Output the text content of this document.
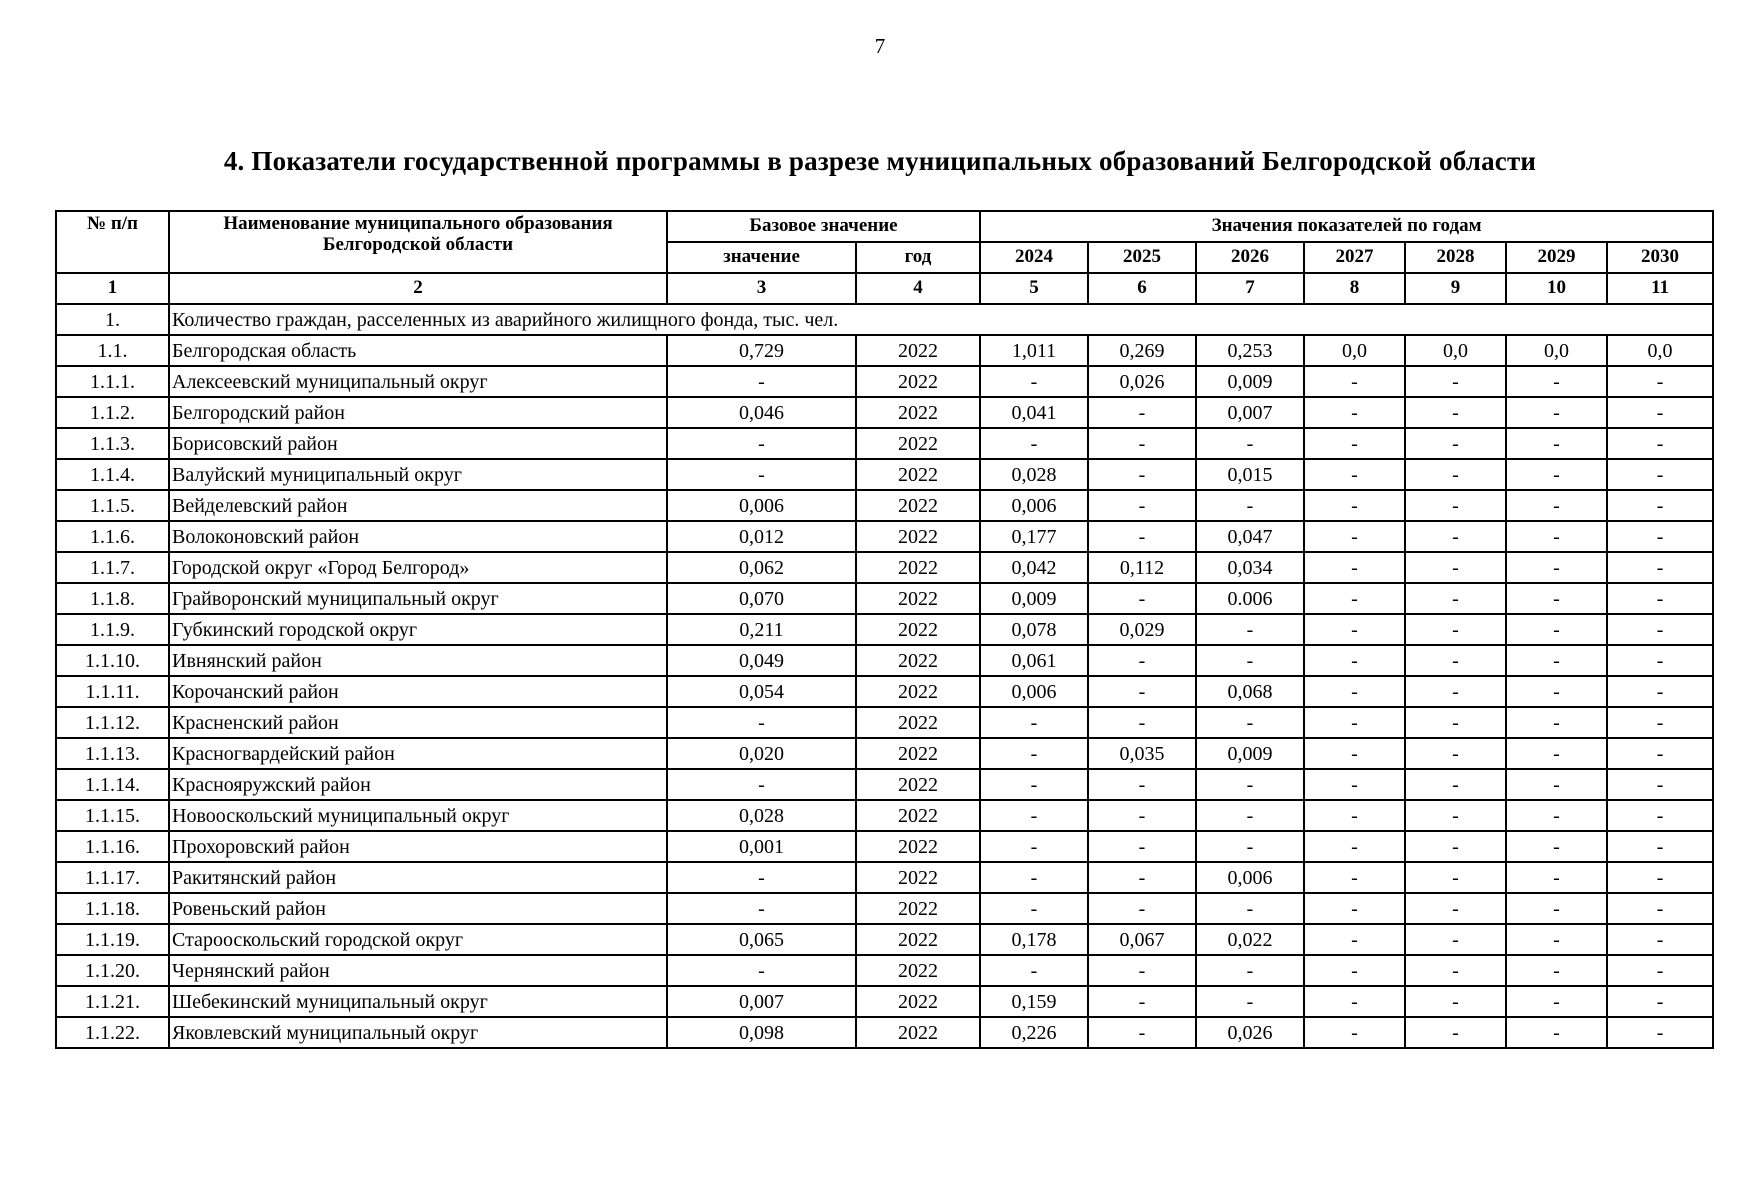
7
4. Показатели государственной программы в разрезе муниципальных образований Белгородской области
№ п/п	Наименование муниципального образования Белгородской области	Базовое значение		Значения показателей по годам						
		значение	год	2024	2025	2026	2027	2028	2029	2030
1	2	3	4	5	6	7	8	9	10	11
1.	Количество граждан, расселенных из аварийного жилищного фонда, тыс. чел.									
1.1.	Белгородская область	0,729	2022	1,011	0,269	0,253	0,0	0,0	0,0	0,0
1.1.1.	Алексеевский муниципальный округ	-	2022	-	0,026	0,009	-	-	-	-
1.1.2.	Белгородский район	0,046	2022	0,041	-	0,007	-	-	-	-
1.1.3.	Борисовский район	-	2022	-	-	-	-	-	-	-
1.1.4.	Валуйский муниципальный округ	-	2022	0,028	-	0,015	-	-	-	-
1.1.5.	Вейделевский район	0,006	2022	0,006	-	-	-	-	-	-
1.1.6.	Волоконовский район	0,012	2022	0,177	-	0,047	-	-	-	-
1.1.7.	Городской округ «Город Белгород»	0,062	2022	0,042	0,112	0,034	-	-	-	-
1.1.8.	Грайворонский муниципальный округ	0,070	2022	0,009	-	0.006	-	-	-	-
1.1.9.	Губкинский городской округ	0,211	2022	0,078	0,029	-	-	-	-	-
1.1.10.	Ивнянский район	0,049	2022	0,061	-	-	-	-	-	-
1.1.11.	Корочанский район	0,054	2022	0,006	-	0,068	-	-	-	-
1.1.12.	Красненский район	-	2022	-	-	-	-	-	-	-
1.1.13.	Красногвардейский район	0,020	2022	-	0,035	0,009	-	-	-	-
1.1.14.	Краснояружский район	-	2022	-	-	-	-	-	-	-
1.1.15.	Новооскольский муниципальный округ	0,028	2022	-	-	-	-	-	-	-
1.1.16.	Прохоровский район	0,001	2022	-	-	-	-	-	-	-
1.1.17.	Ракитянский район	-	2022	-	-	0,006	-	-	-	-
1.1.18.	Ровеньский район	-	2022	-	-	-	-	-	-	-
1.1.19.	Старооскольский городской округ	0,065	2022	0,178	0,067	0,022	-	-	-	-
1.1.20.	Чернянский район	-	2022	-	-	-	-	-	-	-
1.1.21.	Шебекинский муниципальный округ	0,007	2022	0,159	-	-	-	-	-	-
1.1.22.	Яковлевский муниципальный округ	0,098	2022	0,226	-	0,026	-	-	-	-
